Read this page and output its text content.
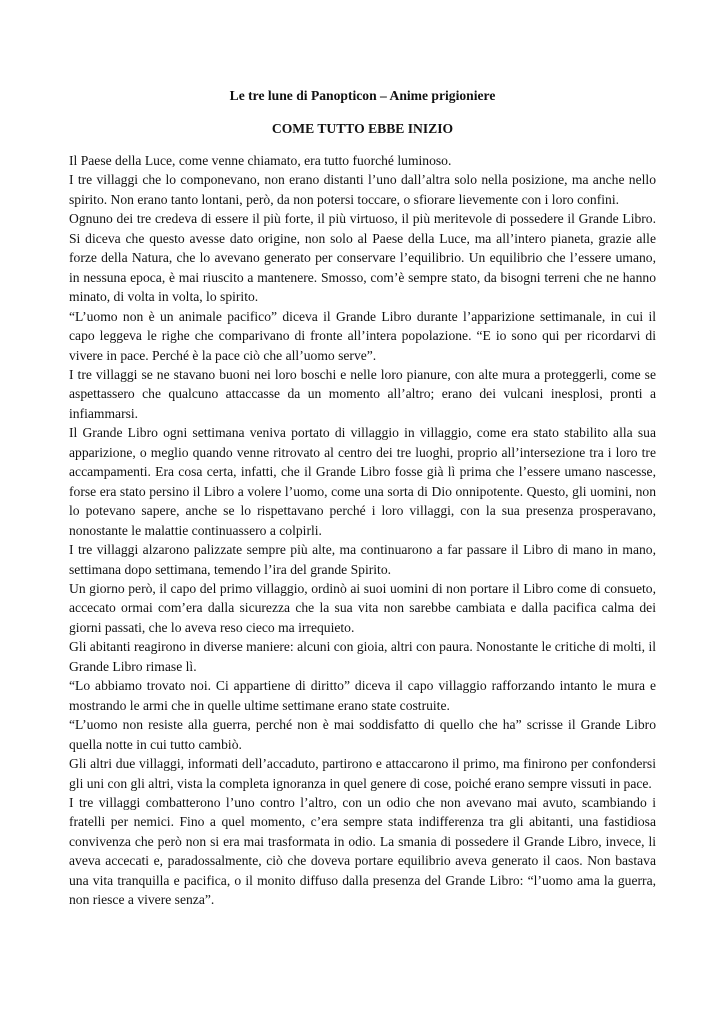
Le tre lune di Panopticon – Anime prigioniere
COME TUTTO EBBE INIZIO

Il Paese della Luce, come venne chiamato, era tutto fuorché luminoso.

I tre villaggi che lo componevano, non erano distanti l’uno dall’altra solo nella posizione, ma anche nello spirito. Non erano tanto lontani, però, da non potersi toccare, o sfiorare lievemente con i loro confini.

Ognuno dei tre credeva di essere il più forte, il più virtuoso, il più meritevole di possedere il Grande Libro. Si diceva che questo avesse dato origine, non solo al Paese della Luce, ma all’intero pianeta, grazie alle forze della Natura, che lo avevano generato per conservare l’equilibrio. Un equilibrio che l’essere umano, in nessuna epoca, è mai riuscito a mantenere. Smosso, com’è sempre stato, da bisogni terreni che ne hanno minato, di volta in volta, lo spirito.

“L’uomo non è un animale pacifico” diceva il Grande Libro durante l’apparizione settimanale, in cui il capo leggeva le righe che comparivano di fronte all’intera popolazione. “E io sono qui per ricordarvi di vivere in pace. Perché è la pace ciò che all’uomo serve”.

I tre villaggi se ne stavano buoni nei loro boschi e nelle loro pianure, con alte mura a proteggerli, come se aspettassero che qualcuno attaccasse da un momento all’altro; erano dei vulcani inesplosi, pronti a infiammarsi.

Il Grande Libro ogni settimana veniva portato di villaggio in villaggio, come era stato stabilito alla sua apparizione, o meglio quando venne ritrovato al centro dei tre luoghi, proprio all’intersezione tra i loro tre accampamenti. Era cosa certa, infatti, che il Grande Libro fosse già lì prima che l’essere umano nascesse, forse era stato persino il Libro a volere l’uomo, come una sorta di Dio onnipotente. Questo, gli uomini, non lo potevano sapere, anche se lo rispettavano perché i loro villaggi, con la sua presenza prosperavano, nonostante le malattie continuassero a colpirli.

I tre villaggi alzarono palizzate sempre più alte, ma continuarono a far passare il Libro di mano in mano, settimana dopo settimana, temendo l’ira del grande Spirito.

Un giorno però, il capo del primo villaggio, ordinò ai suoi uomini di non portare il Libro come di consueto, accecato ormai com’era dalla sicurezza che la sua vita non sarebbe cambiata e dalla pacifica calma dei giorni passati, che lo aveva reso cieco ma irrequieto.

Gli abitanti reagirono in diverse maniere: alcuni con gioia, altri con paura. Nonostante le critiche di molti, il Grande Libro rimase lì.

“Lo abbiamo trovato noi. Ci appartiene di diritto” diceva il capo villaggio rafforzando intanto le mura e mostrando le armi che in quelle ultime settimane erano state costruite.

“L’uomo non resiste alla guerra, perché non è mai soddisfatto di quello che ha” scrisse il Grande Libro quella notte in cui tutto cambiò.

Gli altri due villaggi, informati dell’accaduto, partirono e attaccarono il primo, ma finirono per confondersi gli uni con gli altri, vista la completa ignoranza in quel genere di cose, poiché erano sempre vissuti in pace.

I tre villaggi combatterono l’uno contro l’altro, con un odio che non avevano mai avuto, scambiando i fratelli per nemici. Fino a quel momento, c’era sempre stata indifferenza tra gli abitanti, una fastidiosa convivenza che però non si era mai trasformata in odio. La smania di possedere il Grande Libro, invece, li aveva accecati e, paradossalmente, ciò che doveva portare equilibrio aveva generato il caos. Non bastava una vita tranquilla e pacifica, o il monito diffuso dalla presenza del Grande Libro: “l’uomo ama la guerra, non riesce a vivere senza”.
